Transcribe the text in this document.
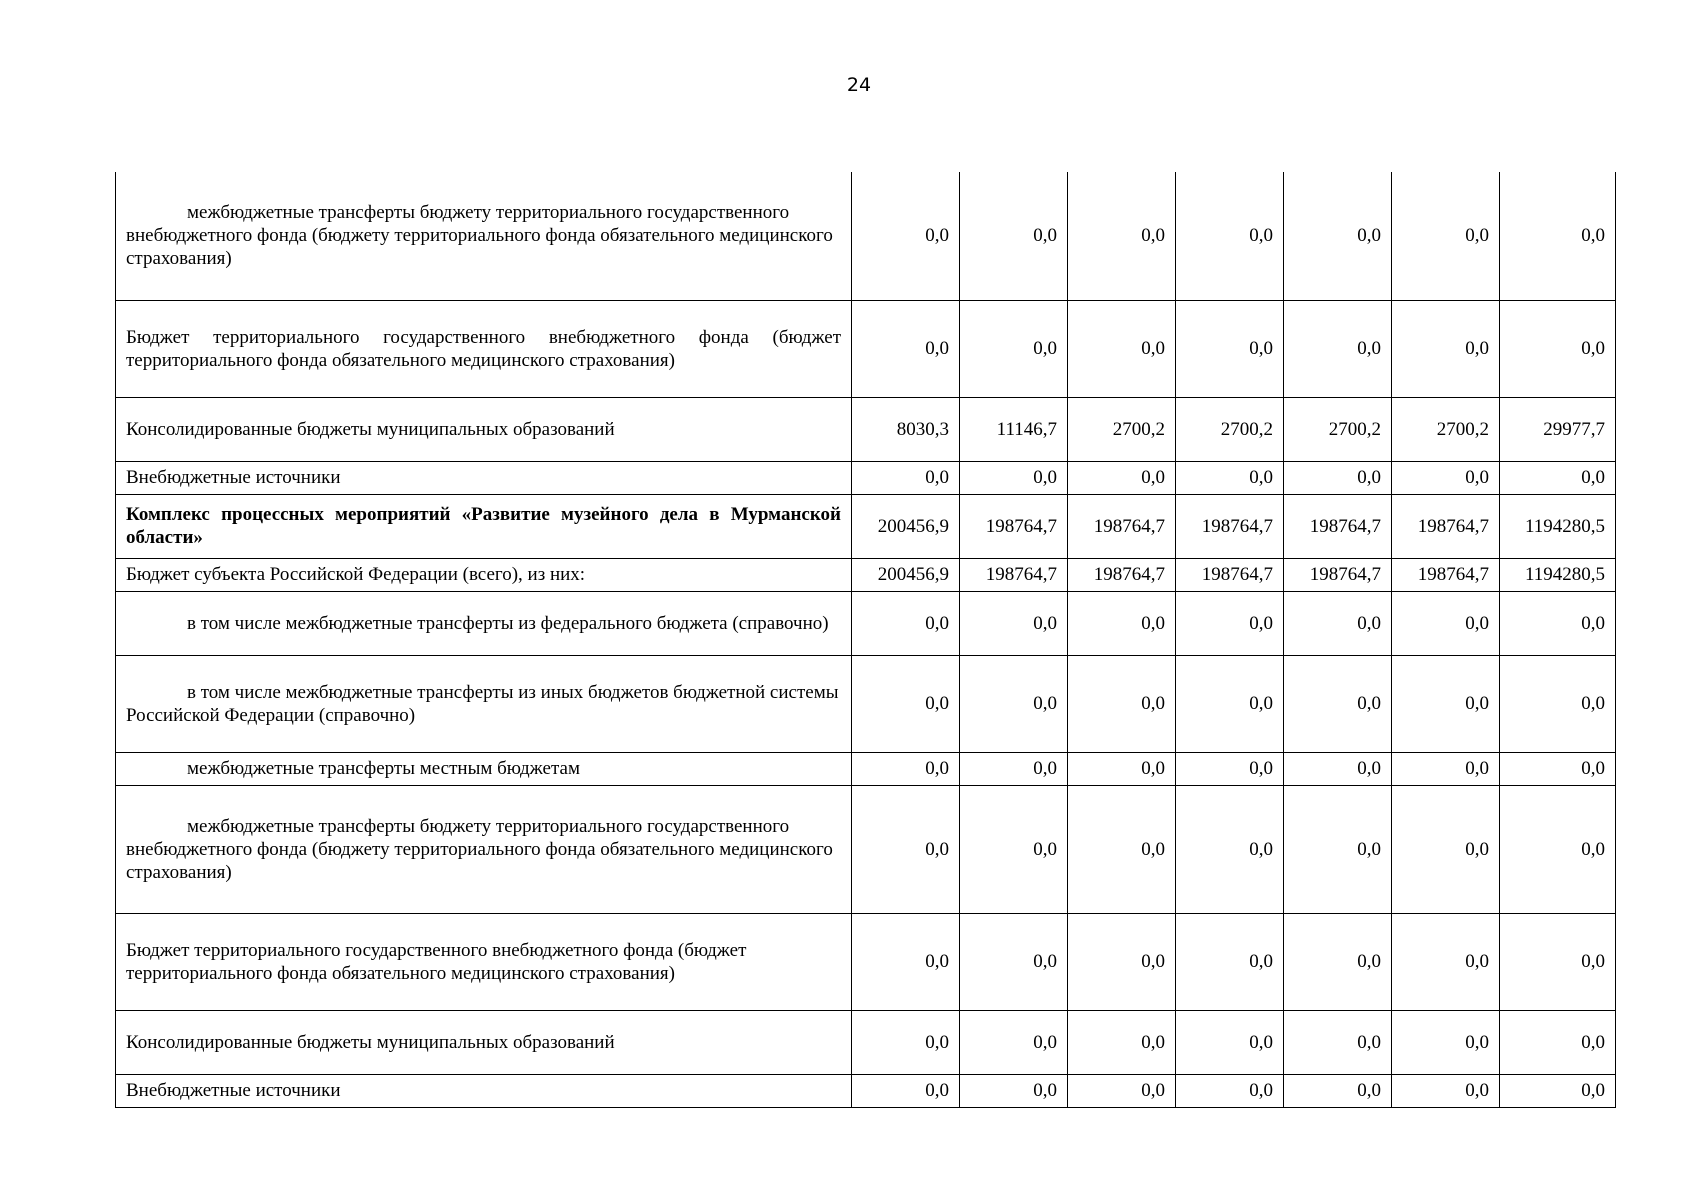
24
межбюджетные трансферты бюджету территориального государственного внебюджетного фонда (бюджету территориального фонда обязательного медицинского страхования)	0,0	0,0	0,0	0,0	0,0	0,0	0,0
Бюджет территориального государственного внебюджетного фонда (бюджет территориального фонда обязательного медицинского страхования)	0,0	0,0	0,0	0,0	0,0	0,0	0,0
Консолидированные бюджеты муниципальных образований	8030,3	11146,7	2700,2	2700,2	2700,2	2700,2	29977,7
Внебюджетные источники	0,0	0,0	0,0	0,0	0,0	0,0	0,0
Комплекс процессных мероприятий «Развитие музейного дела в Мурманской области»	200456,9	198764,7	198764,7	198764,7	198764,7	198764,7	1194280,5
Бюджет субъекта Российской Федерации (всего), из них:	200456,9	198764,7	198764,7	198764,7	198764,7	198764,7	1194280,5
в том числе межбюджетные трансферты из федерального бюджета (справочно)	0,0	0,0	0,0	0,0	0,0	0,0	0,0
в том числе межбюджетные трансферты из иных бюджетов бюджетной системы Российской Федерации (справочно)	0,0	0,0	0,0	0,0	0,0	0,0	0,0
межбюджетные трансферты местным бюджетам	0,0	0,0	0,0	0,0	0,0	0,0	0,0
межбюджетные трансферты бюджету территориального государственного внебюджетного фонда (бюджету территориального фонда обязательного медицинского страхования)	0,0	0,0	0,0	0,0	0,0	0,0	0,0
Бюджет территориального государственного внебюджетного фонда (бюджет территориального фонда обязательного медицинского страхования)	0,0	0,0	0,0	0,0	0,0	0,0	0,0
Консолидированные бюджеты муниципальных образований	0,0	0,0	0,0	0,0	0,0	0,0	0,0
Внебюджетные источники	0,0	0,0	0,0	0,0	0,0	0,0	0,0
